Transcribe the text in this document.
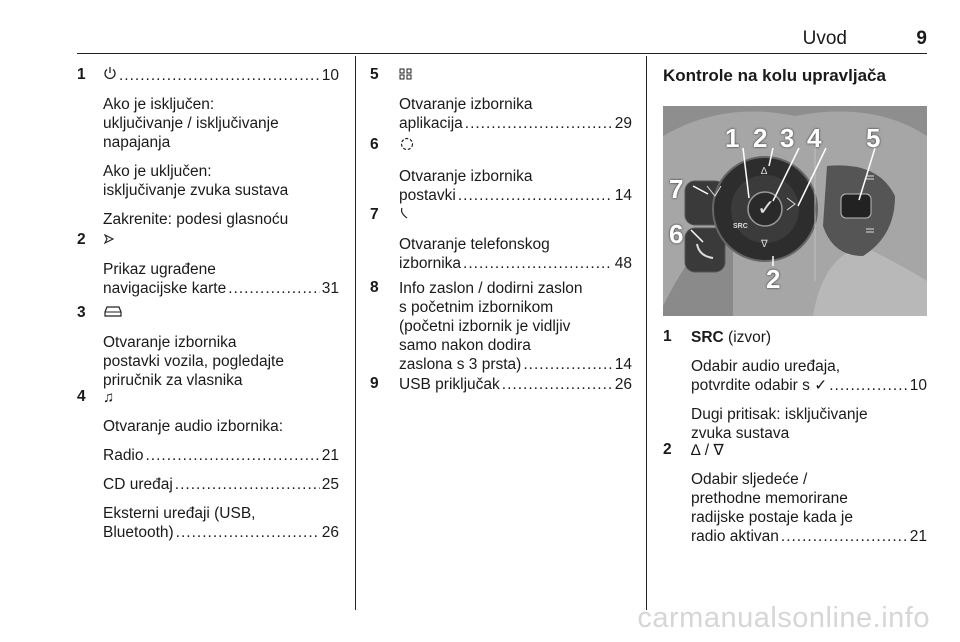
Uvod	9
1 .....	10
Ako je isključen:
uključivanje / isključivanje
napajanja
Ako je uključen:
isključivanje zvuka sustava
Zakrenite: podesi glasnoću
2
Prikaz ugrađene
navigacijske karte .....	31
3
Otvaranje izbornika
postavki vozila, pogledajte
priručnik za vlasnika
4 ♫
Otvaranje audio izbornika:
Radio .....	21
CD uređaj .....	25
Eksterni uređaji (USB,
Bluetooth) .....	26
5
Otvaranje izbornika
aplikacija .....	29
6
Otvaranje izbornika
postavki .....	14
7
Otvaranje telefonskog
izbornika .....	48
8 Info zaslon / dodirni zaslon
s početnim izbornikom
(početni izbornik je vidljiv
samo nakon dodira
zaslona s 3 prsta) .....	14
9 USB priključak .....	26
Kontrole na kolu upravljača
1 2 3 4 5
6
7
2
SRC
✓
∆
∇
1 SRC (izvor)
Odabir audio uređaja,
potvrdite odabir s ✓ .....	10
Dugi pritisak: isključivanje
zvuka sustava
2 ∆ / ∇
Odabir sljedeće /
prethodne memorirane
radijske postaje kada je
radio aktivan .....	21
carmanualsonline.info
